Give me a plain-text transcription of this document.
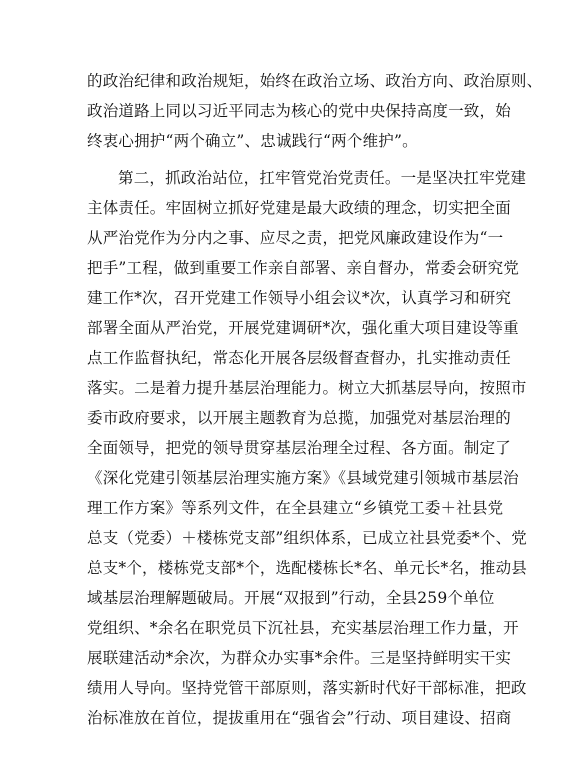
的政治纪律和政治规矩，始终在政治立场、政治方向、政治原则、
政治道路上同以习近平同志为核心的党中央保持高度一致，始
终衷心拥护“两个确立”、忠诚践行“两个维护”。
第二，抓政治站位，扛牢管党治党责任。一是坚决扛牢党建
主体责任。牢固树立抓好党建是最大政绩的理念，切实把全面
从严治党作为分内之事、应尽之责，把党风廉政建设作为“一
把手”工程，做到重要工作亲自部署、亲自督办，常委会研究党
建工作*次，召开党建工作领导小组会议*次，认真学习和研究
部署全面从严治党，开展党建调研*次，强化重大项目建设等重
点工作监督执纪，常态化开展各层级督查督办，扎实推动责任
落实。二是着力提升基层治理能力。树立大抓基层导向，按照市
委市政府要求，以开展主题教育为总揽，加强党对基层治理的
全面领导，把党的领导贯穿基层治理全过程、各方面。制定了
《深化党建引领基层治理实施方案》《县域党建引领城市基层治
理工作方案》等系列文件，在全县建立“乡镇党工委＋社县党
总支（党委）＋楼栋党支部”组织体系，已成立社县党委*个、党
总支*个，楼栋党支部*个，选配楼栋长*名、单元长*名，推动县
域基层治理解题破局。开展“双报到”行动，全县259个单位
党组织、*余名在职党员下沉社县，充实基层治理工作力量，开
展联建活动*余次，为群众办实事*余件。三是坚持鲜明实干实
绩用人导向。坚持党管干部原则，落实新时代好干部标准，把政
治标准放在首位，提拔重用在“强省会”行动、项目建设、招商
